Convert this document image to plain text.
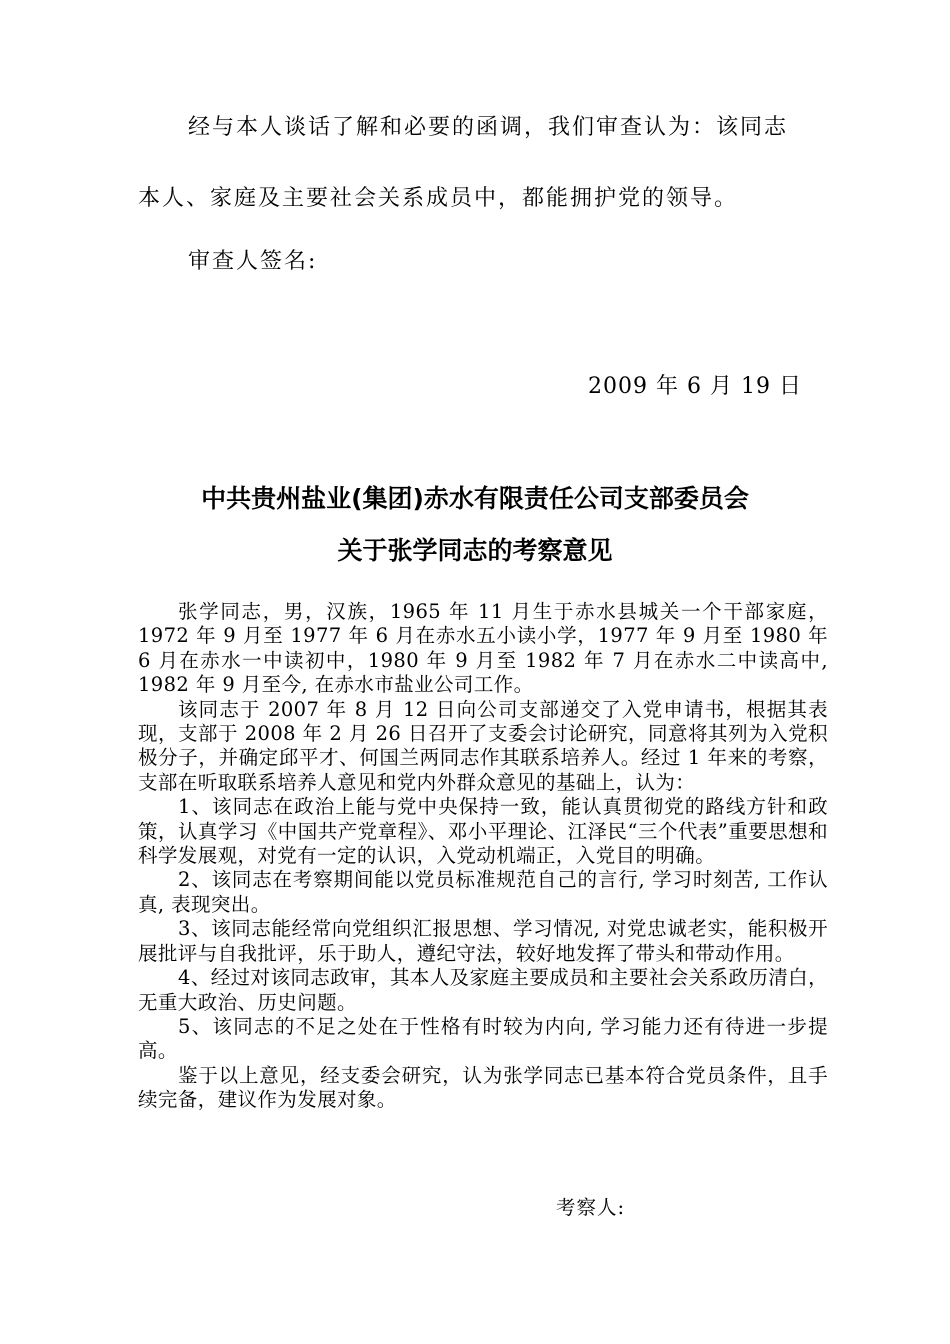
经与本人谈话了解和必要的函调，我们审查认为：该同志
本人、家庭及主要社会关系成员中，都能拥护党的领导。
审查人签名:
2009 年 6 月 19 日
中共贵州盐业(集团)赤水有限责任公司支部委员会
关于张学同志的考察意见

张学同志，男，汉族，1965 年 11 月生于赤水县城关一个干部家庭， 1972 年 9 月至 1977 年 6 月在赤水五小读小学，1977 年 9 月至 1980 年 6 月在赤水一中读初中，1980 年 9 月至 1982 年 7 月在赤水二中读高中, 1982 年 9 月至今, 在赤水市盐业公司工作。

该同志于 2007 年 8 月 12 日向公司支部递交了入党申请书，根据其表现，支部于 2008 年 2 月 26 日召开了支委会讨论研究，同意将其列为入党积极分子，并确定邱平才、何国兰两同志作其联系培养人。经过 1 年来的考察，支部在听取联系培养人意见和党内外群众意见的基础上，认为：

1、该同志在政治上能与党中央保持一致，能认真贯彻党的路线方针和政策，认真学习《中国共产党章程》、邓小平理论、江泽民“三个代表”重要思想和科学发展观，对党有一定的认识，入党动机端正，入党目的明确。

2、该同志在考察期间能以党员标准规范自己的言行, 学习时刻苦, 工作认真, 表现突出。

3、该同志能经常向党组织汇报思想、学习情况, 对党忠诚老实，能积极开展批评与自我批评，乐于助人，遵纪守法，较好地发挥了带头和带动作用。

4、经过对该同志政审，其本人及家庭主要成员和主要社会关系政历清白，无重大政治、历史问题。

5、该同志的不足之处在于性格有时较为内向, 学习能力还有待进一步提高。

鉴于以上意见，经支委会研究，认为张学同志已基本符合党员条件，且手续完备，建议作为发展对象。

考察人:
